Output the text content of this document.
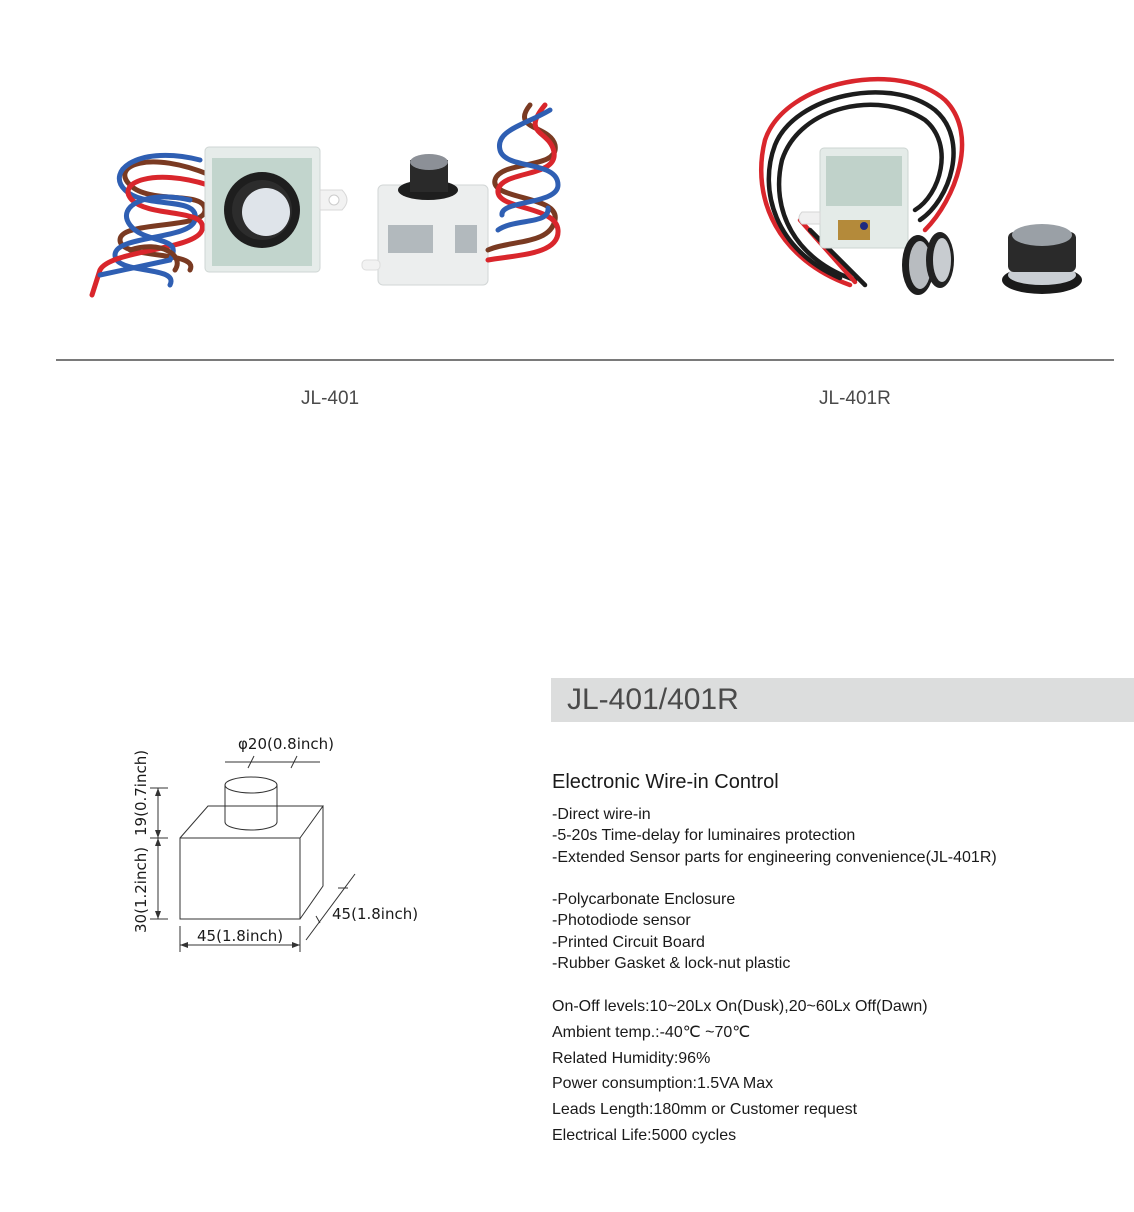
JL-401	JL-401R
φ20(0.8inch)
19(0.7inch)
30(1.2inch)
45(1.8inch)
45(1.8inch)
JL-401/401R
Electronic Wire-in Control
-Direct wire-in
-5-20s Time-delay for luminaires protection
-Extended Sensor parts for engineering convenience(JL-401R)
-Polycarbonate Enclosure
-Photodiode sensor
-Printed Circuit Board
-Rubber Gasket & lock-nut plastic
On-Off levels:10~20Lx On(Dusk),20~60Lx Off(Dawn)
Ambient temp.:-40℃ ~70℃
Related Humidity:96%
Power consumption:1.5VA Max
Leads Length:180mm or Customer request
Electrical Life:5000 cycles
